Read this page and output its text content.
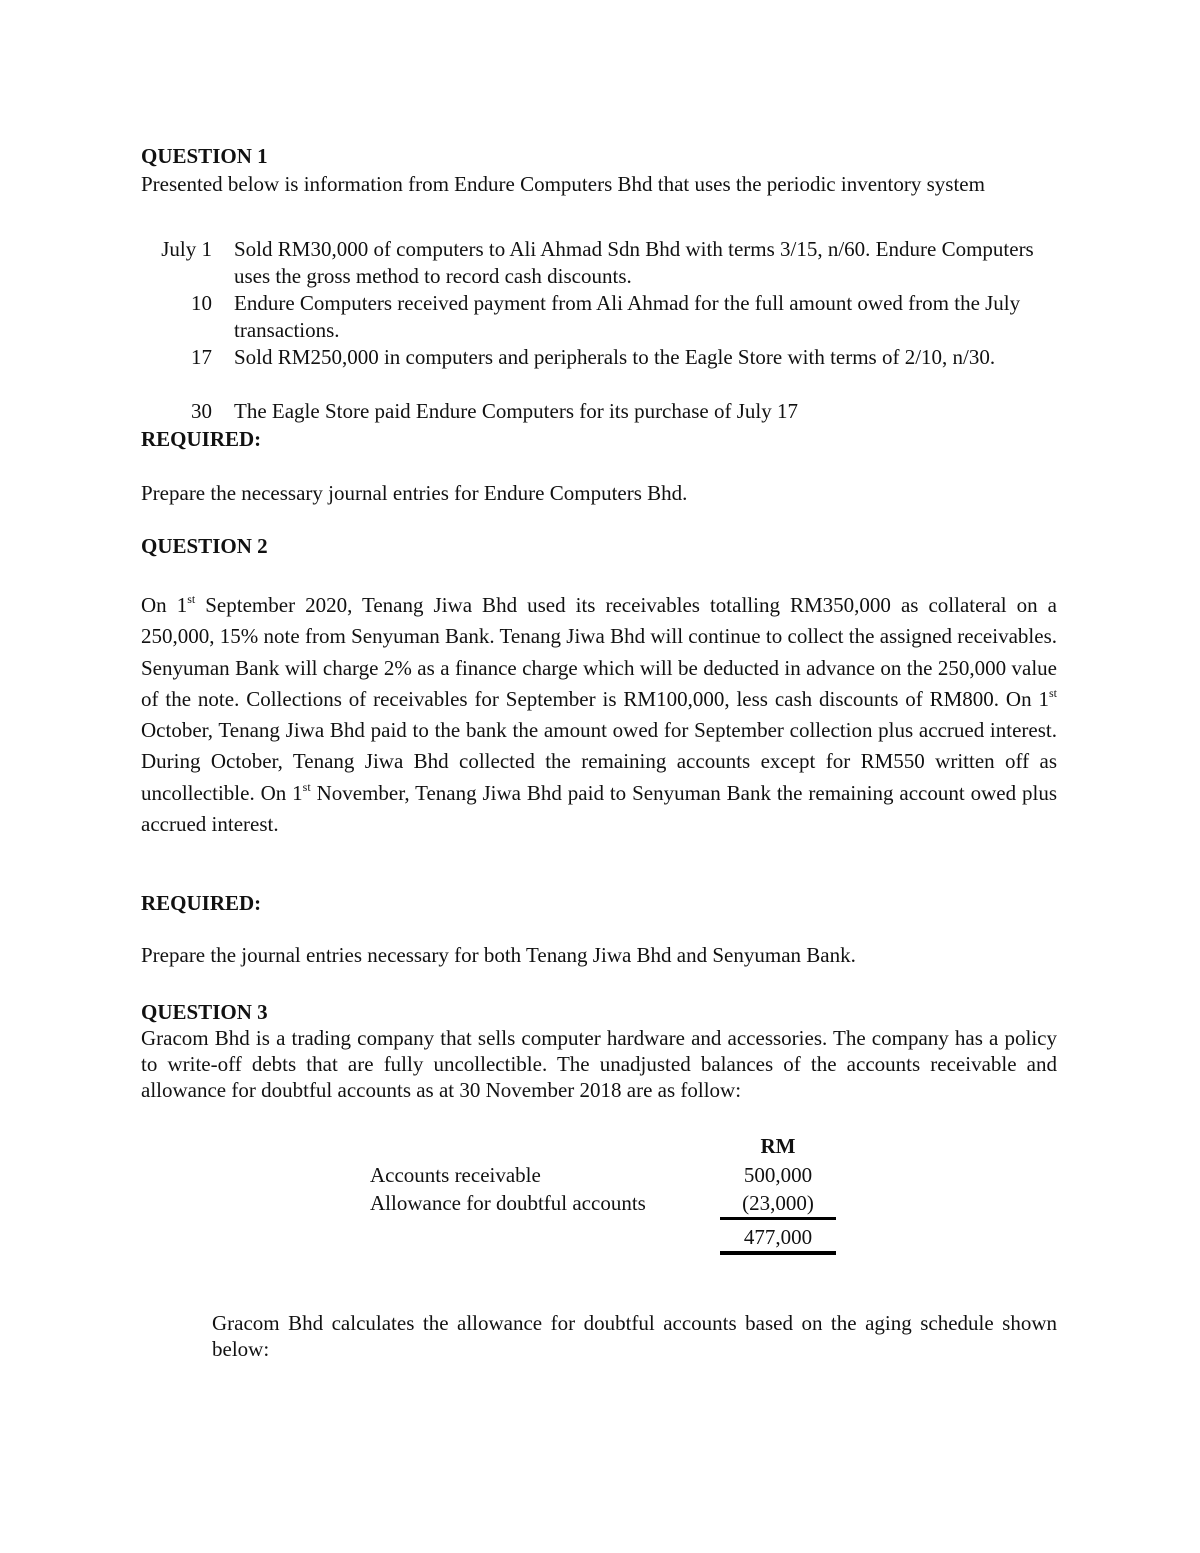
QUESTION 1
Presented below is information from Endure Computers Bhd that uses the periodic inventory system
July 1 Sold RM30,000 of computers to Ali Ahmad Sdn Bhd with terms 3/15, n/60. Endure Computers uses the gross method to record cash discounts.
10 Endure Computers received payment from Ali Ahmad for the full amount owed from the July transactions.
17 Sold RM250,000 in computers and peripherals to the Eagle Store with terms of 2/10, n/30.
30 The Eagle Store paid Endure Computers for its purchase of July 17
REQUIRED:
Prepare the necessary journal entries for Endure Computers Bhd.
QUESTION 2
On 1st September 2020, Tenang Jiwa Bhd used its receivables totalling RM350,000 as collateral on a 250,000, 15% note from Senyuman Bank. Tenang Jiwa Bhd will continue to collect the assigned receivables. Senyuman Bank will charge 2% as a finance charge which will be deducted in advance on the 250,000 value of the note. Collections of receivables for September is RM100,000, less cash discounts of RM800. On 1st October, Tenang Jiwa Bhd paid to the bank the amount owed for September collection plus accrued interest. During October, Tenang Jiwa Bhd collected the remaining accounts except for RM550 written off as uncollectible. On 1st November, Tenang Jiwa Bhd paid to Senyuman Bank the remaining account owed plus accrued interest.
REQUIRED:
Prepare the journal entries necessary for both Tenang Jiwa Bhd and Senyuman Bank.
QUESTION 3
Gracom Bhd is a trading company that sells computer hardware and accessories. The company has a policy to write-off debts that are fully uncollectible. The unadjusted balances of the accounts receivable and allowance for doubtful accounts as at 30 November 2018 are as follow:
RM
Accounts receivable	500,000
Allowance for doubtful accounts	(23,000)
477,000
Gracom Bhd calculates the allowance for doubtful accounts based on the aging schedule shown below:
